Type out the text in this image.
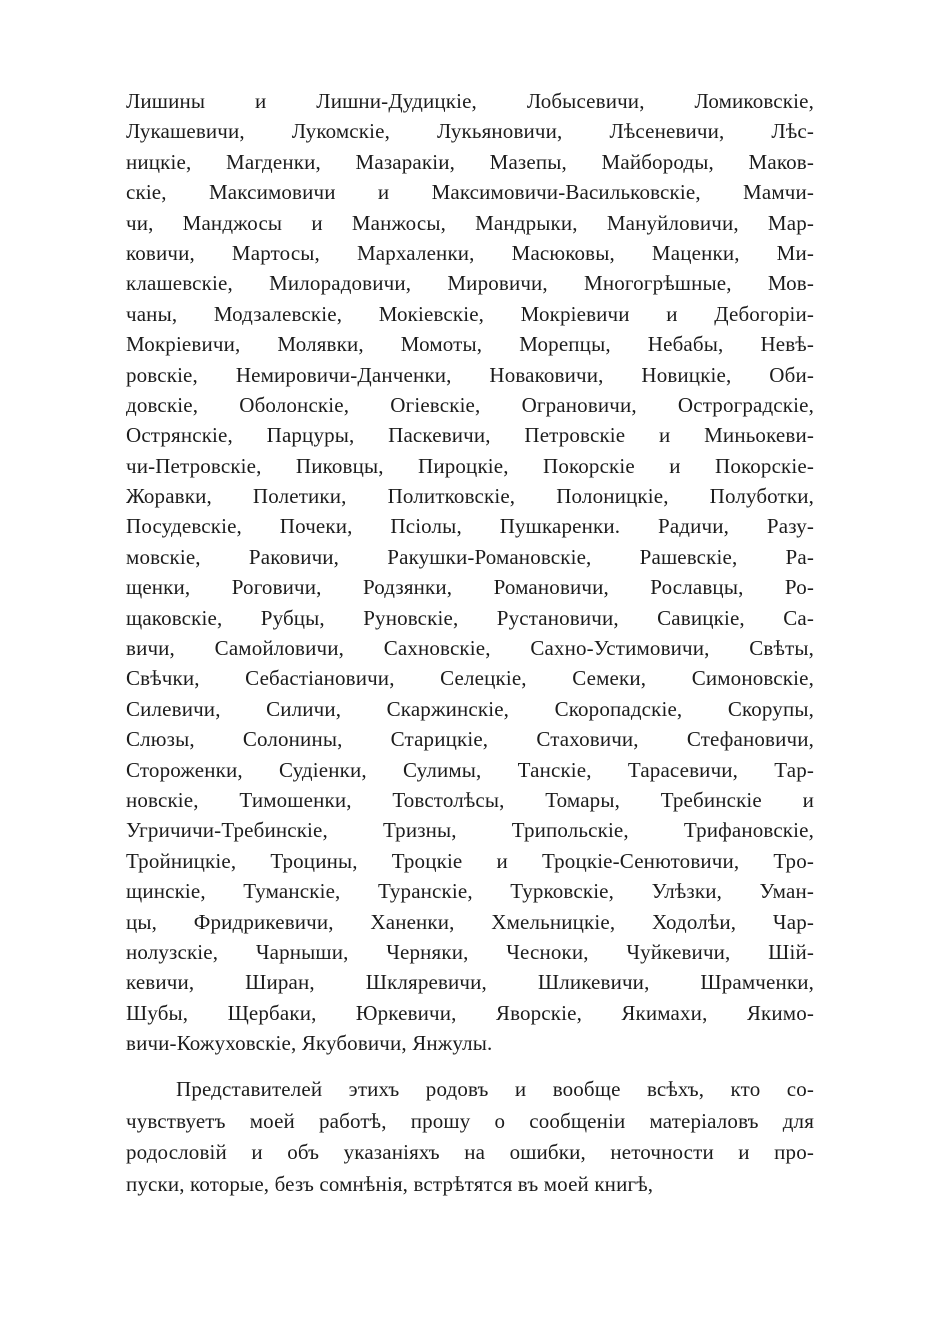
Лишины и Лишни-Дудицкіе, Лобысевичи, Ломиковскіе,
Лукашевичи, Лукомскіе, Лукьяновичи, Лѣсеневичи, Лѣс-
ницкіе, Магденки, Мазаракіи, Мазепы, Майбороды, Маков-
скіе, Максимовичи и Максимовичи-Васильковскіе, Мамчи-
чи, Манджосы и Манжосы, Мандрыки, Мануйловичи, Мар-
ковичи, Мартосы, Мархаленки, Масюковы, Маценки, Ми-
клашевскіе, Милорадовичи, Мировичи, Многогрѣшные, Мов-
чаны, Модзалевскіе, Мокіевскіе, Мокріевичи и Дебогоріи-
Мокріевичи, Молявки, Момоты, Морепцы, Небабы, Невѣ-
ровскіе, Немировичи-Данченки, Новаковичи, Новицкіе, Оби-
довскіе, Оболонскіе, Огіевскіе, Ограновичи, Остроградскіе,
Острянскіе, Парцуры, Паскевичи, Петровскіе и Миньокеви-
чи-Петровскіе, Пиковцы, Пироцкіе, Покорскіе и Покорскіе-
Жоравки, Полетики, Политковскіе, Полоницкіе, Полуботки,
Посудевскіе, Почеки, Псіолы, Пушкаренки. Радичи, Разу-
мовскіе, Раковичи, Ракушки-Романовскіе, Рашевскіе, Ра-
щенки, Роговичи, Родзянки, Романовичи, Рославцы, Ро-
щаковскіе, Рубцы, Руновскіе, Рустановичи, Савицкіе, Са-
вичи, Самойловичи, Сахновскіе, Сахно-Устимовичи, Свѣты,
Свѣчки, Себастіановичи, Селецкіе, Семеки, Симоновскіе,
Силевичи, Силичи, Скаржинскіе, Скоропадскіе, Скорупы,
Слюзы, Солонины, Старицкіе, Стаховичи, Стефановичи,
Стороженки, Судіенки, Сулимы, Танскіе, Тарасевичи, Тар-
новскіе, Тимошенки, Товстолѣсы, Томары, Требинскіе и
Угричичи-Требинскіе, Тризны, Трипольскіе, Трифановскіе,
Тройницкіе, Троцины, Троцкіе и Троцкіе-Сенютовичи, Тро-
щинскіе, Туманскіе, Туранскіе, Турковскіе, Улѣзки, Уман-
цы, Фридрикевичи, Ханенки, Хмельницкіе, Ходолѣи, Чар-
нолузскіе, Чарныши, Черняки, Чесноки, Чуйкевичи, Шій-
кевичи, Ширан, Шкляревичи, Шликевичи, Шрамченки,
Шубы, Щербаки, Юркевичи, Яворскіе, Якимахи, Якимо-
вичи-Кожуховскіе, Якубовичи, Янжулы.
Представителей этихъ родовъ и вообще всѣхъ, кто со-
чувствуетъ моей работѣ, прошу о сообщеніи матеріаловъ для
родословій и объ указаніяхъ на ошибки, неточности и про-
пуски, которые, безъ сомнѣнія, встрѣтятся въ моей книгѣ,
